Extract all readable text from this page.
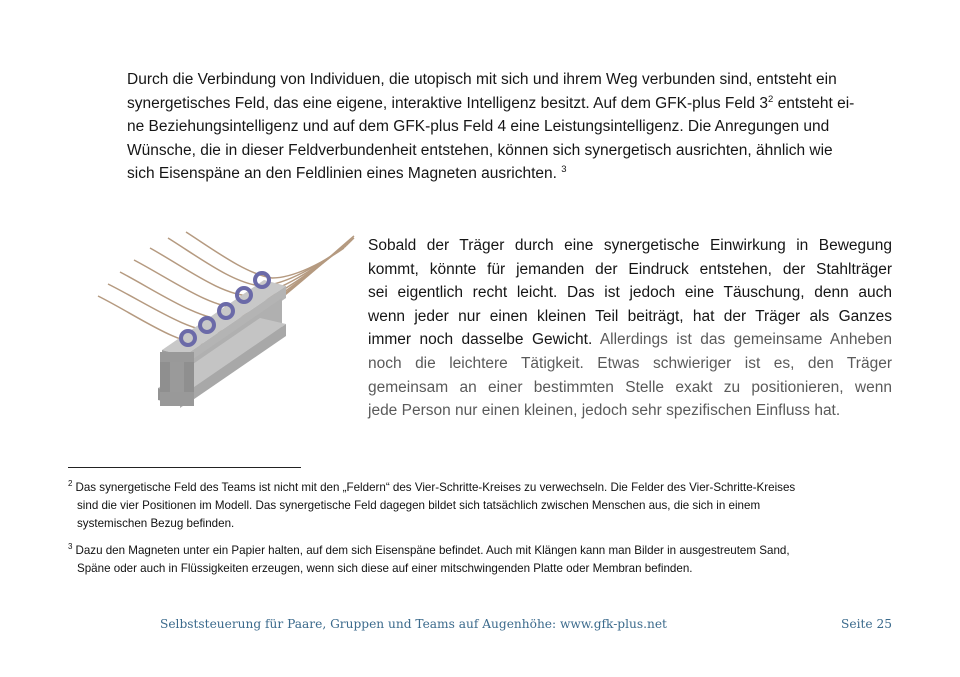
Durch die Verbindung von Individuen, die utopisch mit sich und ihrem Weg verbunden sind, entsteht ein
synergetisches Feld, das eine eigene, interaktive Intelligenz besitzt. Auf dem GFK-plus Feld 3$^2$ entsteht ei-
ne Beziehungsintelligenz und auf dem GFK-plus Feld 4 eine Leistungsintelligenz. Die Anregungen und
Wünsche, die in dieser Feldverbundenheit entstehen, können sich synergetisch ausrichten, ähnlich wie
sich Eisenspäne an den Feldlinien eines Magneten ausrichten. $^3$
Sobald der Träger durch eine synergetische Einwirkung in Bewegung
kommt, könnte für jemanden der Eindruck entstehen, der Stahlträger
sei eigentlich recht leicht. Das ist jedoch eine Täuschung, denn auch
wenn jeder nur einen kleinen Teil beiträgt, hat der Träger als Ganzes
immer noch dasselbe Gewicht. Allerdings ist das gemeinsame Anheben
noch die leichtere Tätigkeit. Etwas schwieriger ist es, den Träger
gemeinsam an einer bestimmten Stelle exakt zu positionieren, wenn
jede Person nur einen kleinen, jedoch sehr spezifischen Einfluss hat.
$^2$ Das synergetische Feld des Teams ist nicht mit den „Feldern“ des Vier-Schritte-Kreises zu verwechseln. Die Felder des Vier-Schritte-Kreises
sind die vier Positionen im Modell. Das synergetische Feld dagegen bildet sich tatsächlich zwischen Menschen aus, die sich in einem
systemischen Bezug befinden.
$^3$ Dazu den Magneten unter ein Papier halten, auf dem sich Eisenspäne befindet. Auch mit Klängen kann man Bilder in ausgestreutem Sand,
Späne oder auch in Flüssigkeiten erzeugen, wenn sich diese auf einer mitschwingenden Platte oder Membran befinden.
Selbststeuerung für Paare, Gruppen und Teams auf Augenhöhe: www.gfk-plus.net	Seite 25
